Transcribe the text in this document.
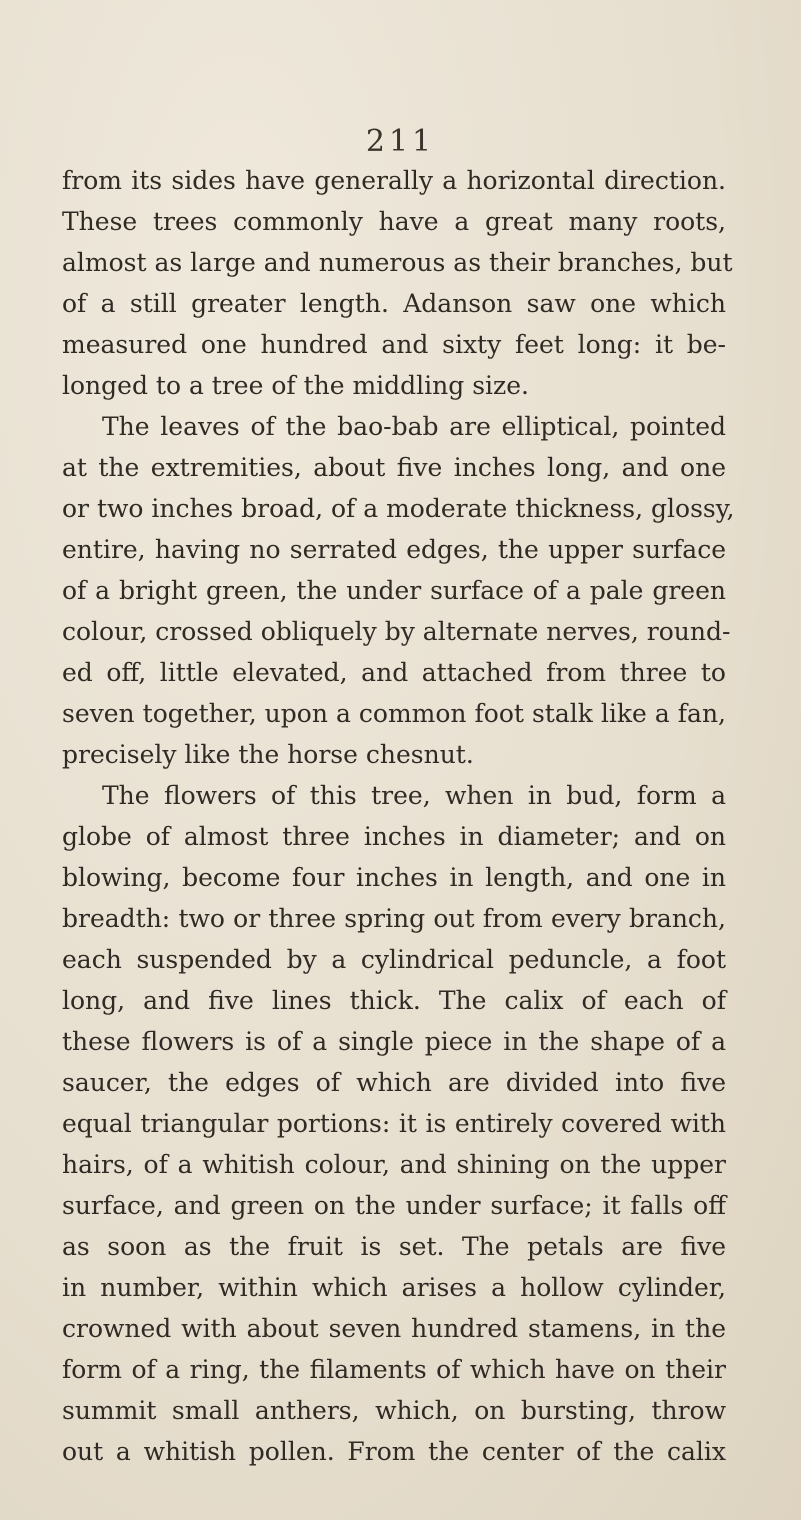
211
from its sides have generally a horizontal direction.
These trees commonly have a great many roots,
almost as large and numerous as their branches, but
of a still greater length. Adanson saw one which
measured one hundred and sixty feet long: it be-
longed to a tree of the middling size.
The leaves of the bao-bab are elliptical, pointed
at the extremities, about five inches long, and one
or two inches broad, of a moderate thickness, glossy,
entire, having no serrated edges, the upper surface
of a bright green, the under surface of a pale green
colour, crossed obliquely by alternate nerves, round-
ed off, little elevated, and attached from three to
seven together, upon a common foot stalk like a fan,
precisely like the horse chesnut.
The flowers of this tree, when in bud, form a
globe of almost three inches in diameter; and on
blowing, become four inches in length, and one in
breadth: two or three spring out from every branch,
each suspended by a cylindrical peduncle, a foot
long, and five lines thick. The calix of each of
these flowers is of a single piece in the shape of a
saucer, the edges of which are divided into five
equal triangular portions: it is entirely covered with
hairs, of a whitish colour, and shining on the upper
surface, and green on the under surface; it falls off
as soon as the fruit is set. The petals are five
in number, within which arises a hollow cylinder,
crowned with about seven hundred stamens, in the
form of a ring, the filaments of which have on their
summit small anthers, which, on bursting, throw
out a whitish pollen. From the center of the calix
